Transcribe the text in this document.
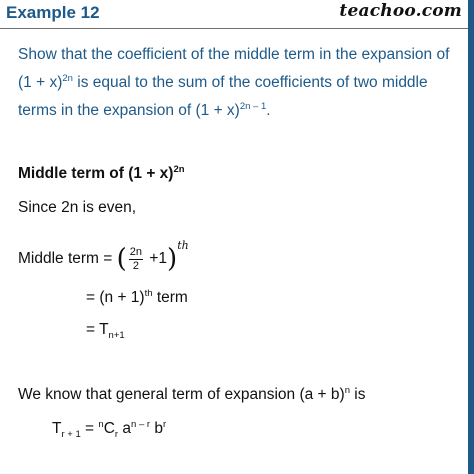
Example 12	teachoo.com
Show that the coefficient of the middle term in the expansion of
$(1 + x)^{2n}$ is equal to the sum of the coefficients of two middle
terms in the expansion of $(1 + x)^{2n - 1}$.
Middle term of $(1 + x)^{2n}$
Since 2n is even,
Middle term = ( $\frac{2n}{2} +1)^{th}$
= $(n + 1)^{th}$ term
= $T_{n+1}$
We know that general term of expansion $(a + b)^n$ is
$T_{r + 1} = ^nC_r$ $a^{n - r}$ $b^r$
